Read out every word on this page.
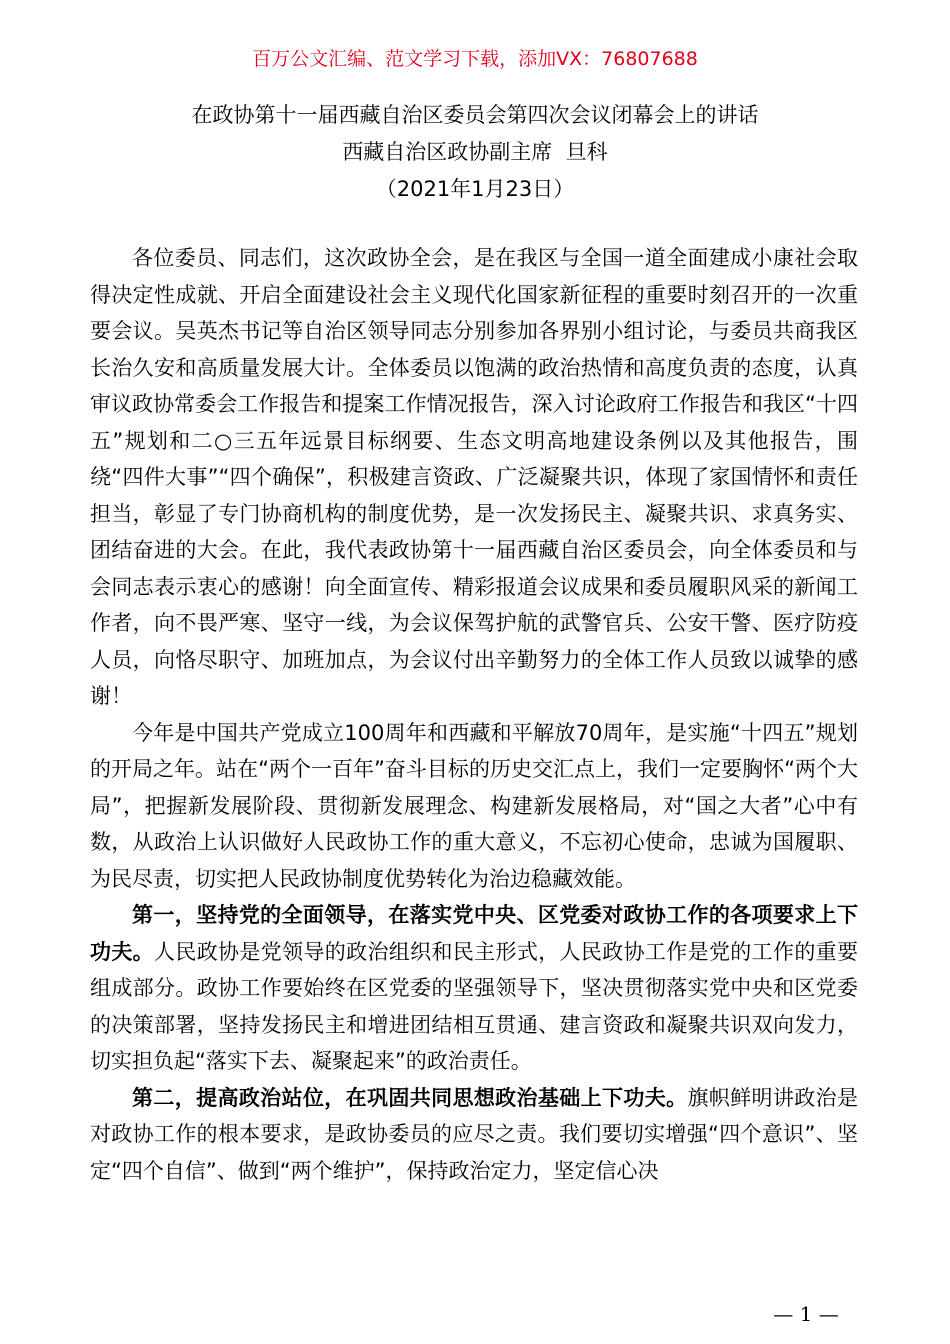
百万公文汇编、范文学习下载，添加VX：76807688
在政协第十一届西藏自治区委员会第四次会议闭幕会上的讲话
西藏自治区政协副主席  旦科
（2021年1月23日）

各位委员、同志们，这次政协全会，是在我区与全国一道全面建成小康社会取得决定性成就、开启全面建设社会主义现代化国家新征程的重要时刻召开的一次重要会议。吴英杰书记等自治区领导同志分别参加各界别小组讨论，与委员共商我区长治久安和高质量发展大计。全体委员以饱满的政治热情和高度负责的态度，认真审议政协常委会工作报告和提案工作情况报告，深入讨论政府工作报告和我区“十四五”规划和二○三五年远景目标纲要、生态文明高地建设条例以及其他报告，围绕“四件大事”“四个确保”，积极建言资政、广泛凝聚共识，体现了家国情怀和责任担当，彰显了专门协商机构的制度优势，是一次发扬民主、凝聚共识、求真务实、团结奋进的大会。在此，我代表政协第十一届西藏自治区委员会，向全体委员和与会同志表示衷心的感谢！向全面宣传、精彩报道会议成果和委员履职风采的新闻工作者，向不畏严寒、坚守一线，为会议保驾护航的武警官兵、公安干警、医疗防疫人员，向恪尽职守、加班加点，为会议付出辛勤努力的全体工作人员致以诚挚的感谢！

今年是中国共产党成立100周年和西藏和平解放70周年，是实施“十四五”规划的开局之年。站在“两个一百年”奋斗目标的历史交汇点上，我们一定要胸怀“两个大局”，把握新发展阶段、贯彻新发展理念、构建新发展格局，对“国之大者”心中有数，从政治上认识做好人民政协工作的重大意义，不忘初心使命，忠诚为国履职、为民尽责，切实把人民政协制度优势转化为治边稳藏效能。

第一，坚持党的全面领导，在落实党中央、区党委对政协工作的各项要求上下功夫。人民政协是党领导的政治组织和民主形式，人民政协工作是党的工作的重要组成部分。政协工作要始终在区党委的坚强领导下，坚决贯彻落实党中央和区党委的决策部署，坚持发扬民主和增进团结相互贯通、建言资政和凝聚共识双向发力，切实担负起“落实下去、凝聚起来”的政治责任。

第二，提高政治站位，在巩固共同思想政治基础上下功夫。旗帜鲜明讲政治是对政协工作的根本要求，是政协委员的应尽之责。我们要切实增强“四个意识”、坚定“四个自信”、做到“两个维护”，保持政治定力，坚定信心决

— 1 —
